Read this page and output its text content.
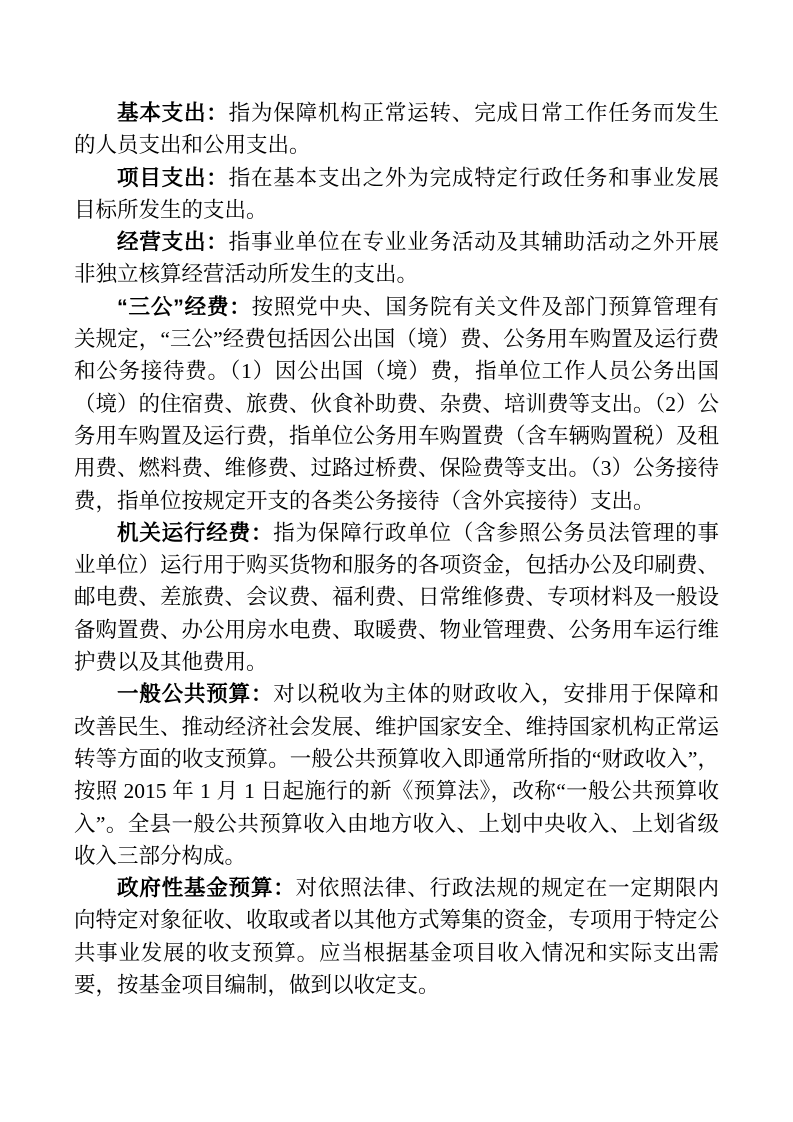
基本支出：指为保障机构正常运转、完成日常工作任务而发生的人员支出和公用支出。

项目支出：指在基本支出之外为完成特定行政任务和事业发展目标所发生的支出。

经营支出：指事业单位在专业业务活动及其辅助活动之外开展非独立核算经营活动所发生的支出。

“三公”经费：按照党中央、国务院有关文件及部门预算管理有关规定，“三公”经费包括因公出国（境）费、公务用车购置及运行费和公务接待费。（1）因公出国（境）费，指单位工作人员公务出国（境）的住宿费、旅费、伙食补助费、杂费、培训费等支出。（2）公务用车购置及运行费，指单位公务用车购置费（含车辆购置税）及租用费、燃料费、维修费、过路过桥费、保险费等支出。（3）公务接待费，指单位按规定开支的各类公务接待（含外宾接待）支出。

机关运行经费：指为保障行政单位（含参照公务员法管理的事业单位）运行用于购买货物和服务的各项资金，包括办公及印刷费、邮电费、差旅费、会议费、福利费、日常维修费、专项材料及一般设备购置费、办公用房水电费、取暖费、物业管理费、公务用车运行维护费以及其他费用。

一般公共预算：对以税收为主体的财政收入，安排用于保障和改善民生、推动经济社会发展、维护国家安全、维持国家机构正常运转等方面的收支预算。一般公共预算收入即通常所指的“财政收入”，按照 2015 年 1 月 1 日起施行的新《预算法》，改称“一般公共预算收入”。全县一般公共预算收入由地方收入、上划中央收入、上划省级收入三部分构成。

政府性基金预算：对依照法律、行政法规的规定在一定期限内向特定对象征收、收取或者以其他方式筹集的资金，专项用于特定公共事业发展的收支预算。应当根据基金项目收入情况和实际支出需要，按基金项目编制，做到以收定支。
